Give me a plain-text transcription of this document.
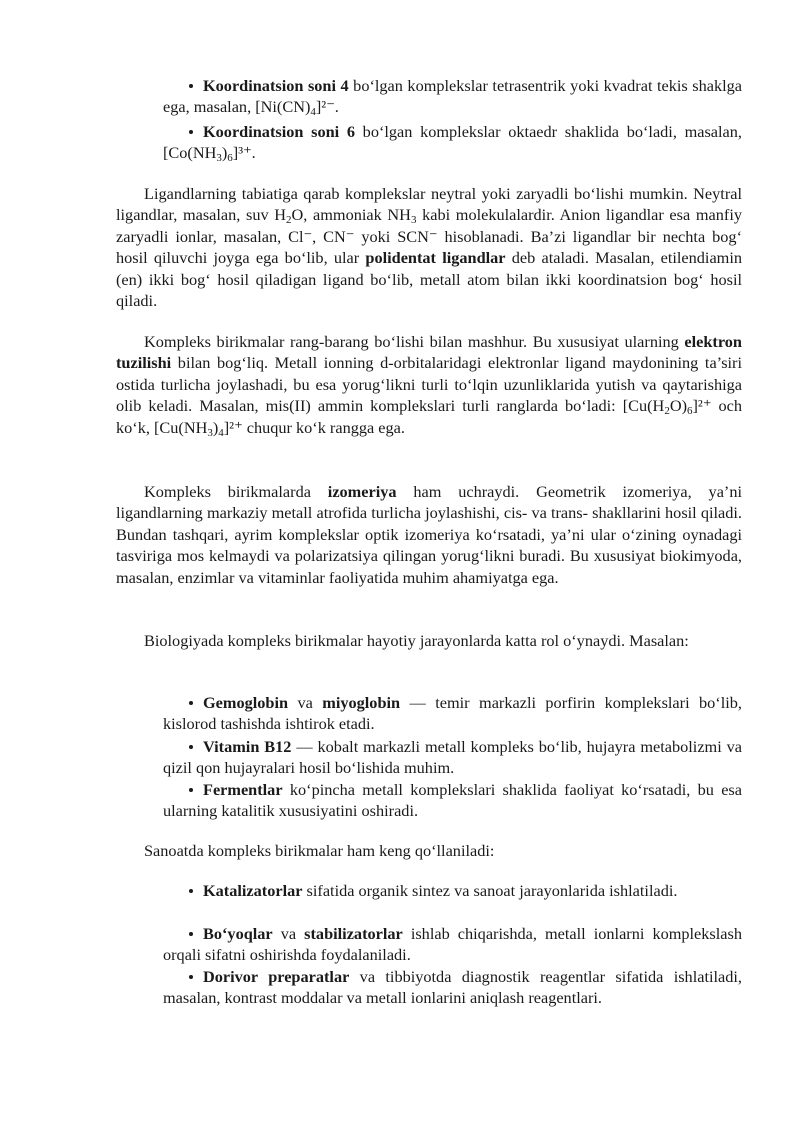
Koordinatsion soni 4 bo‘lgan komplekslar tetrasentrik yoki kvadrat tekis shaklga ega, masalan, $[Ni(CN)_4]^{2-}$.

Koordinatsion soni 6 bo‘lgan komplekslar oktaedr shaklida bo‘ladi, masalan, $[Co(NH_3)_6]^{3+}$.

Ligandlarning tabiatiga qarab komplekslar neytral yoki zaryadli bo‘lishi mumkin. Neytral ligandlar, masalan, suv $H_2O$, ammoniak $NH_3$ kabi molekulalardir. Anion ligandlar esa manfiy zaryadli ionlar, masalan, Cl⁻, CN⁻ yoki SCN⁻ hisoblanadi. Ba’zi ligandlar bir nechta bog‘ hosil qiluvchi joyga ega bo‘lib, ular polidentat ligandlar deb ataladi. Masalan, etilendiamin (en) ikki bog‘ hosil qiladigan ligand bo‘lib, metall atom bilan ikki koordinatsion bog‘ hosil qiladi.

Kompleks birikmalar rang-barang bo‘lishi bilan mashhur. Bu xususiyat ularning elektron tuzilishi bilan bog‘liq. Metall ionning d-orbitalaridagi elektronlar ligand maydonining ta’siri ostida turlicha joylashadi, bu esa yorug‘likni turli to‘lqin uzunliklarida yutish va qaytarishiga olib keladi. Masalan, mis(II) ammin komplekslari turli ranglarda bo‘ladi: $[Cu(H_2O)_6]^{2+}$ och ko‘k, $[Cu(NH_3)_4]^{2+}$ chuqur ko‘k rangga ega.

Kompleks birikmalarda izomeriya ham uchraydi. Geometrik izomeriya, ya’ni ligandlarning markaziy metall atrofida turlicha joylashishi, cis- va trans- shakllarini hosil qiladi. Bundan tashqari, ayrim komplekslar optik izomeriya ko‘rsatadi, ya’ni ular o‘zining oynadagi tasviriga mos kelmaydi va polarizatsiya qilingan yorug‘likni buradi. Bu xususiyat biokimyoda, masalan, enzimlar va vitaminlar faoliyatida muhim ahamiyatga ega.

Biologiyada kompleks birikmalar hayotiy jarayonlarda katta rol o‘ynaydi. Masalan:

Gemoglobin va miyoglobin — temir markazli porfirin komplekslari bo‘lib, kislorod tashishda ishtirok etadi.

Vitamin B12 — kobalt markazli metall kompleks bo‘lib, hujayra metabolizmi va qizil qon hujayralari hosil bo‘lishida muhim.

Fermentlar ko‘pincha metall komplekslari shaklida faoliyat ko‘rsatadi, bu esa ularning katalitik xususiyatini oshiradi.

Sanoatda kompleks birikmalar ham keng qo‘llaniladi:

Katalizatorlar sifatida organik sintez va sanoat jarayonlarida ishlatiladi.

Bo‘yoqlar va stabilizatorlar ishlab chiqarishda, metall ionlarni komplekslash orqali sifatni oshirishda foydalaniladi.

Dorivor preparatlar va tibbiyotda diagnostik reagentlar sifatida ishlatiladi, masalan, kontrast moddalar va metall ionlarini aniqlash reagentlari.
